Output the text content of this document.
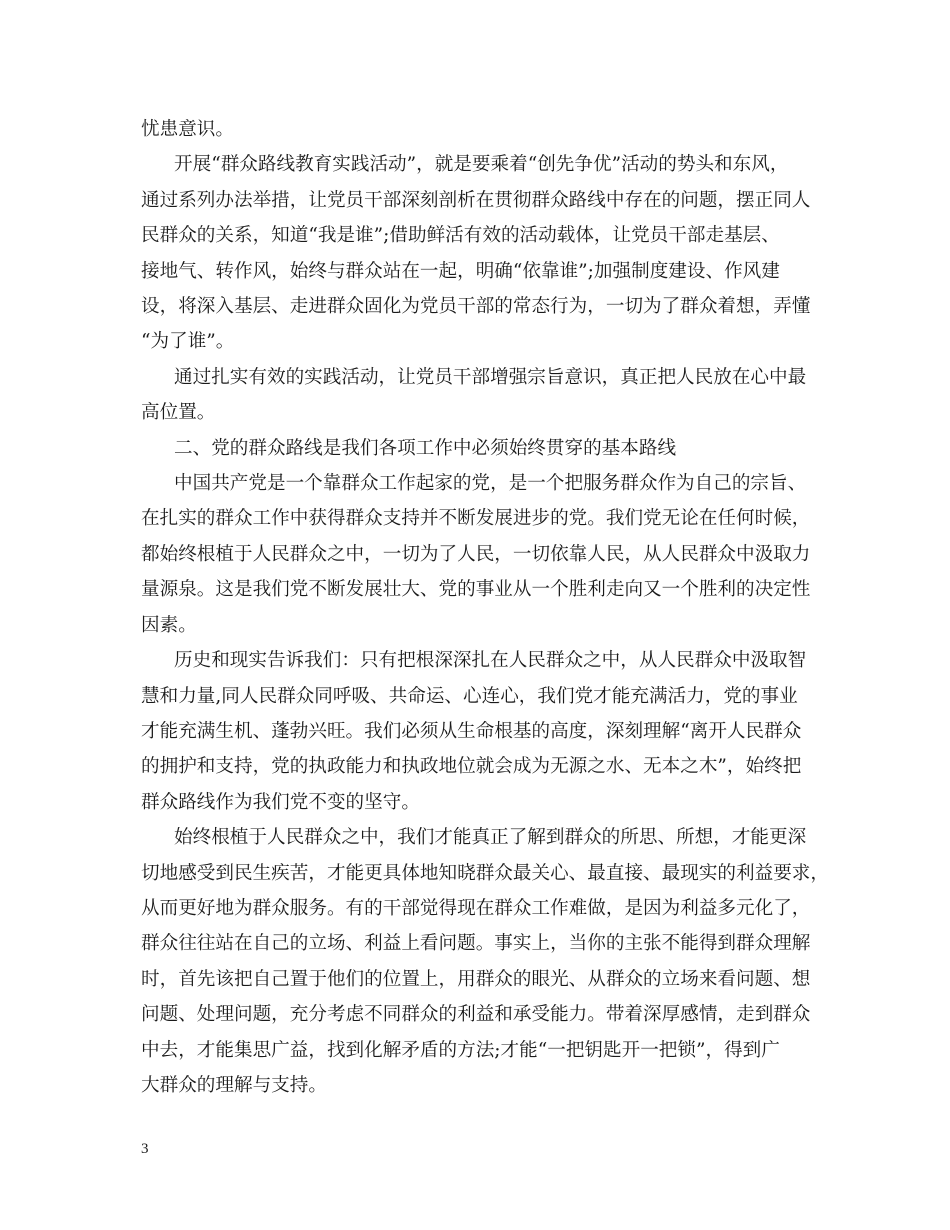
忧患意识。

开展“群众路线教育实践活动”，就是要乘着“创先争优”活动的势头和东风，
通过系列办法举措，让党员干部深刻剖析在贯彻群众路线中存在的问题，摆正同人
民群众的关系，知道“我是谁”;借助鲜活有效的活动载体，让党员干部走基层、
接地气、转作风，始终与群众站在一起，明确“依靠谁”;加强制度建设、作风建
设，将深入基层、走进群众固化为党员干部的常态行为，一切为了群众着想，弄懂
“为了谁”。

通过扎实有效的实践活动，让党员干部增强宗旨意识，真正把人民放在心中最
高位置。

二、党的群众路线是我们各项工作中必须始终贯穿的基本路线

中国共产党是一个靠群众工作起家的党，是一个把服务群众作为自己的宗旨、
在扎实的群众工作中获得群众支持并不断发展进步的党。我们党无论在任何时候，
都始终根植于人民群众之中，一切为了人民，一切依靠人民，从人民群众中汲取力
量源泉。这是我们党不断发展壮大、党的事业从一个胜利走向又一个胜利的决定性
因素。

历史和现实告诉我们：只有把根深深扎在人民群众之中，从人民群众中汲取智
慧和力量,同人民群众同呼吸、共命运、心连心，我们党才能充满活力，党的事业
才能充满生机、蓬勃兴旺。我们必须从生命根基的高度，深刻理解“离开人民群众
的拥护和支持，党的执政能力和执政地位就会成为无源之水、无本之木”，始终把
群众路线作为我们党不变的坚守。

始终根植于人民群众之中，我们才能真正了解到群众的所思、所想，才能更深
切地感受到民生疾苦，才能更具体地知晓群众最关心、最直接、最现实的利益要求，
从而更好地为群众服务。有的干部觉得现在群众工作难做，是因为利益多元化了，
群众往往站在自己的立场、利益上看问题。事实上，当你的主张不能得到群众理解
时，首先该把自己置于他们的位置上，用群众的眼光、从群众的立场来看问题、想
问题、处理问题，充分考虑不同群众的利益和承受能力。带着深厚感情，走到群众
中去，才能集思广益，找到化解矛盾的方法;才能“一把钥匙开一把锁”，得到广
大群众的理解与支持。

3
